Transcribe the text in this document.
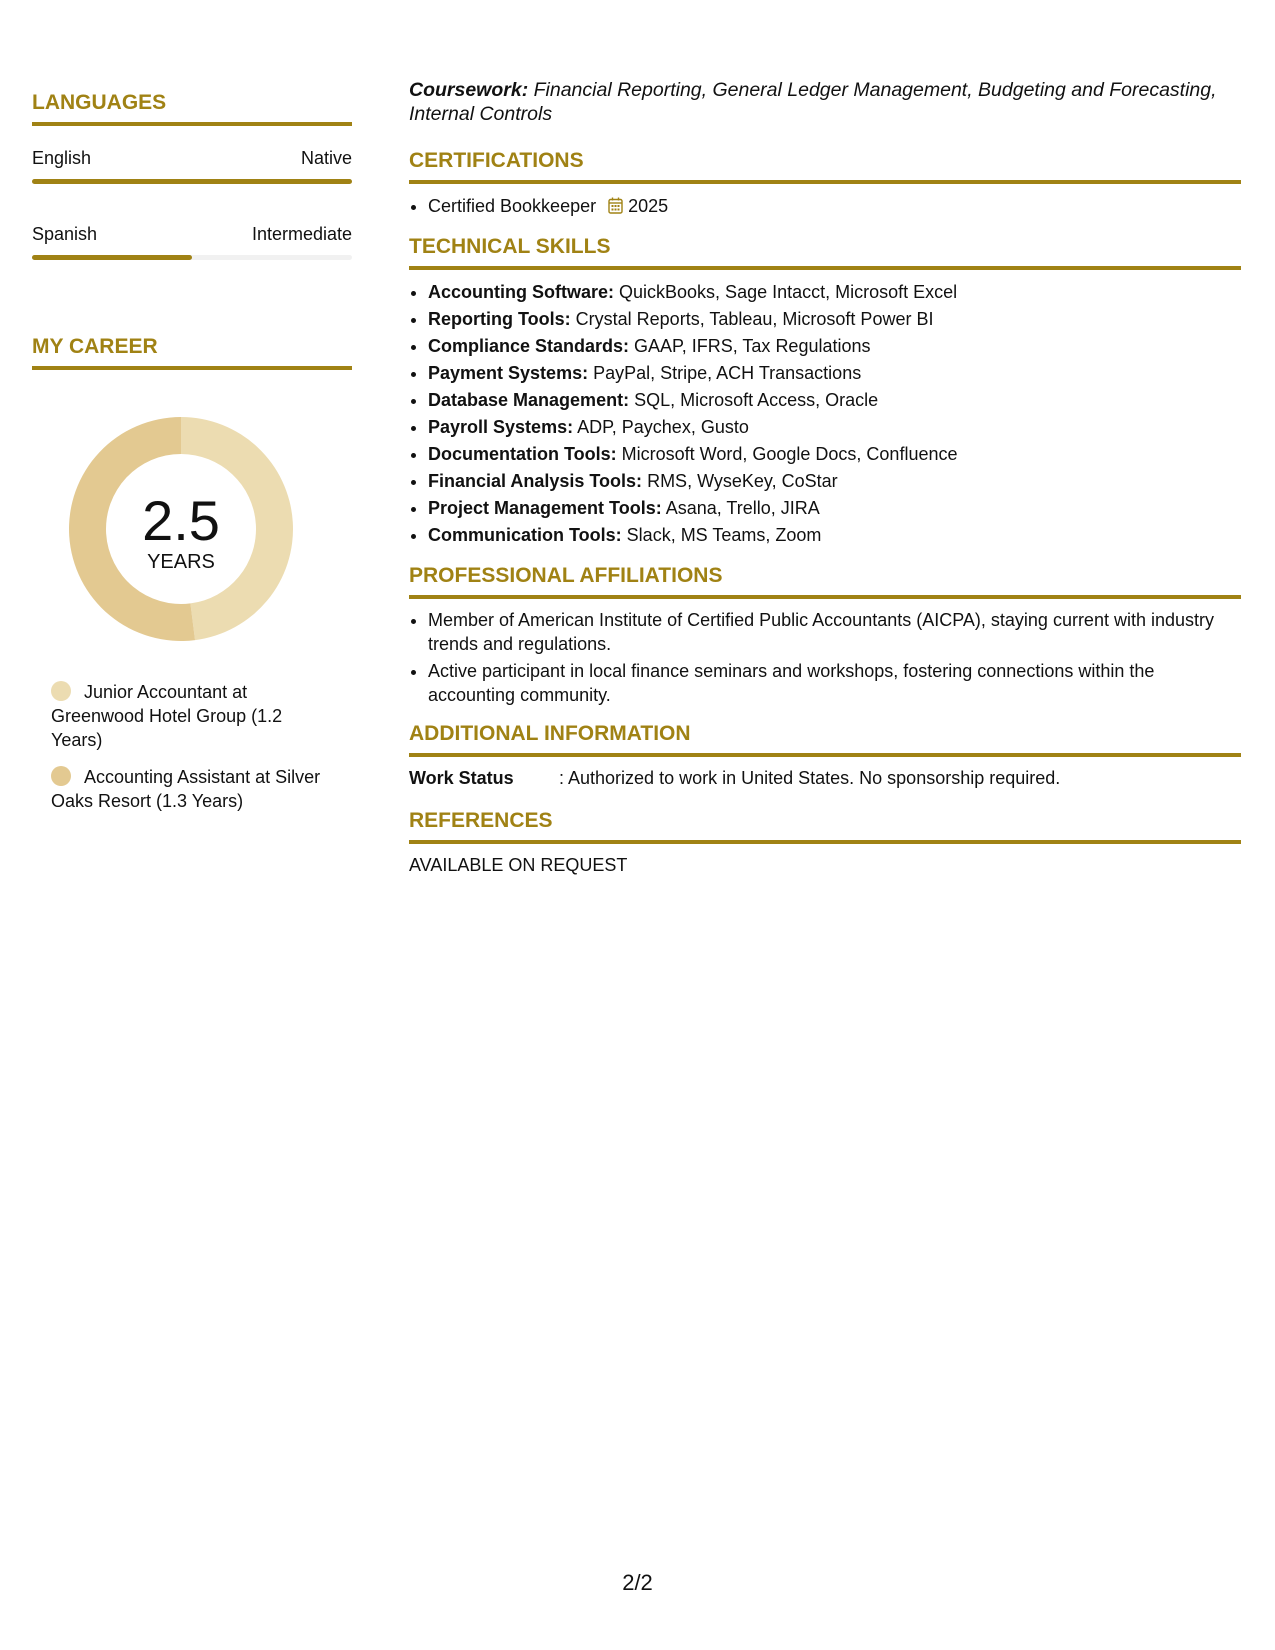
LANGUAGES
English	Native
Spanish	Intermediate
MY CAREER
2.5
YEARS
Junior Accountant at Greenwood Hotel Group (1.2 Years)
Accounting Assistant at Silver Oaks Resort (1.3 Years)

Coursework: Financial Reporting, General Ledger Management, Budgeting and Forecasting, Internal Controls

CERTIFICATIONS
• Certified Bookkeeper 2025
TECHNICAL SKILLS
• Accounting Software: QuickBooks, Sage Intacct, Microsoft Excel
• Reporting Tools: Crystal Reports, Tableau, Microsoft Power BI
• Compliance Standards: GAAP, IFRS, Tax Regulations
• Payment Systems: PayPal, Stripe, ACH Transactions
• Database Management: SQL, Microsoft Access, Oracle
• Payroll Systems: ADP, Paychex, Gusto
• Documentation Tools: Microsoft Word, Google Docs, Confluence
• Financial Analysis Tools: RMS, WyseKey, CoStar
• Project Management Tools: Asana, Trello, JIRA
• Communication Tools: Slack, MS Teams, Zoom
PROFESSIONAL AFFILIATIONS
• Member of American Institute of Certified Public Accountants (AICPA), staying current with industry trends and regulations.
• Active participant in local finance seminars and workshops, fostering connections within the accounting community.
ADDITIONAL INFORMATION
Work Status	: Authorized to work in United States. No sponsorship required.
REFERENCES
AVAILABLE ON REQUEST
2/2
